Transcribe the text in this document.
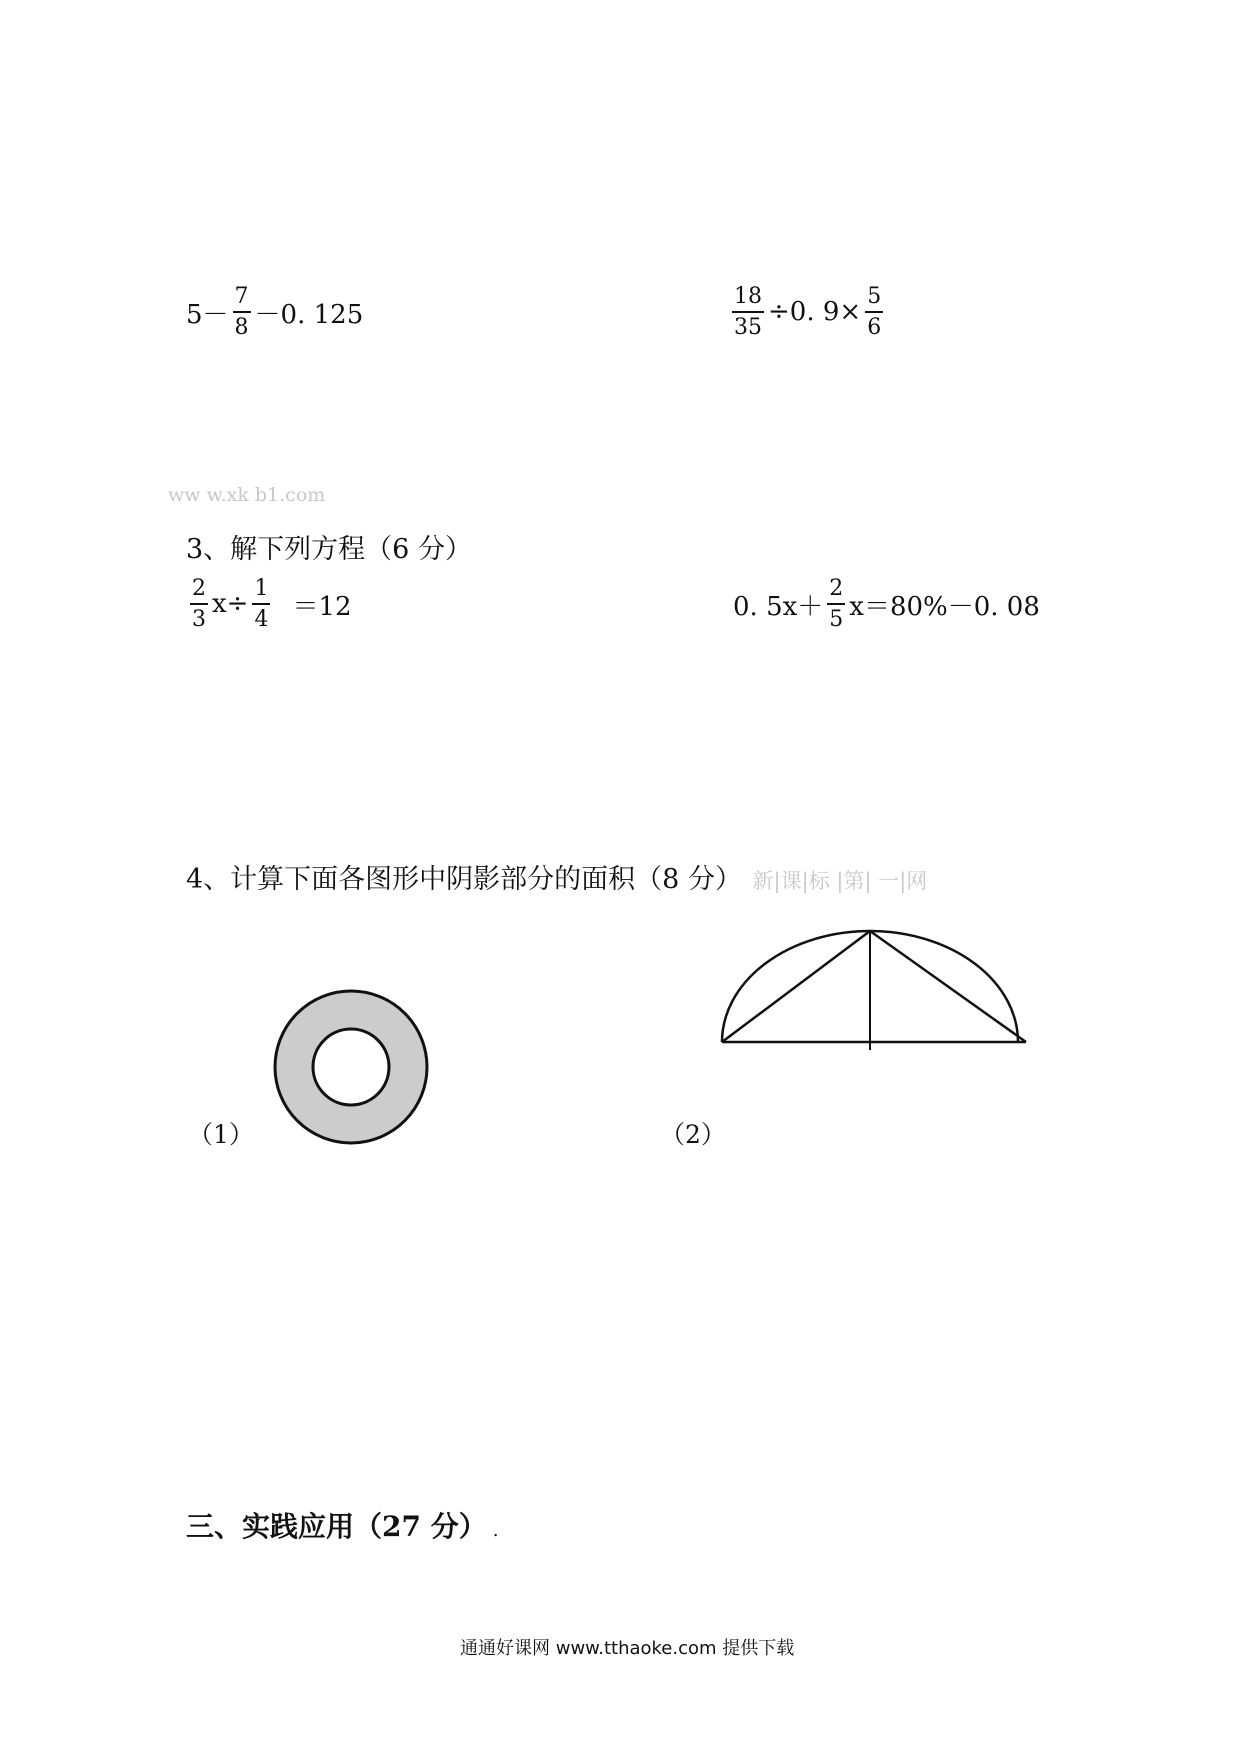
$5- \frac{7}{8} -0$. 125	$\frac{18}{35} \div 0$. $9\times \frac{5}{6}$
ww w.xk b1.com
3、解下列方程（6 分）
$\frac{2}{3} x\div \frac{1}{4} =12$	0. $5x+ \frac{2}{5} x=80\%-0$. 08
4、计算下面各图形中阴影部分的面积（8 分） 新|课|标 |第| 一|网
（1）	（2）
三、实践应用（27 分） .
通通好课网 www.tthaoke.com 提供下载
